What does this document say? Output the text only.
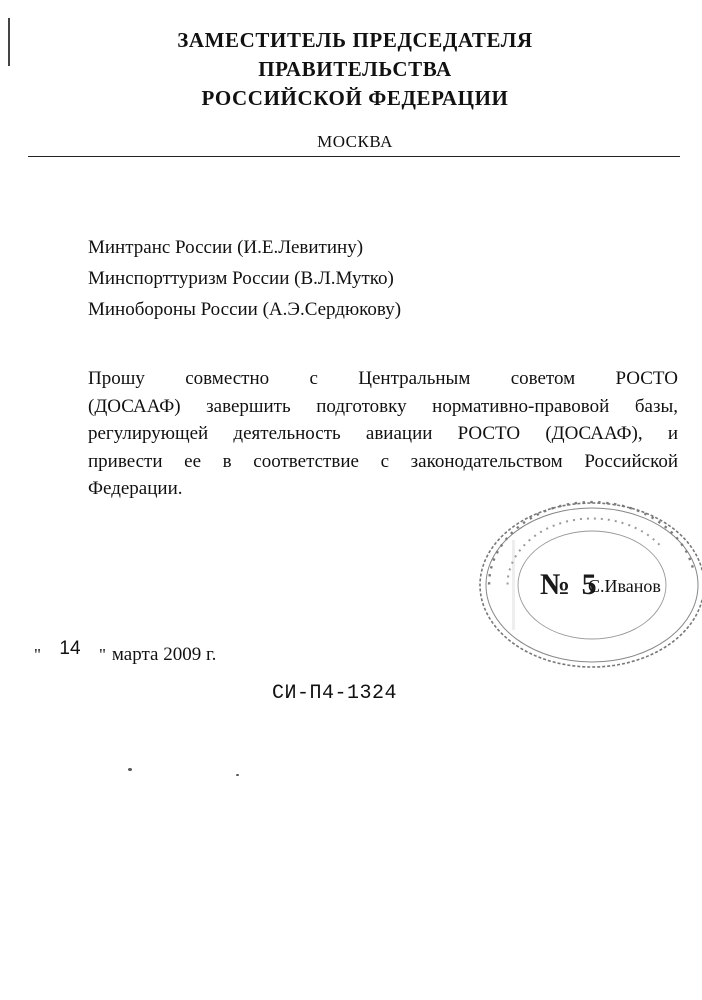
ЗАМЕСТИТЕЛЬ ПРЕДСЕДАТЕЛЯ
ПРАВИТЕЛЬСТВА
РОССИЙСКОЙ ФЕДЕРАЦИИ
МОСКВА
Минтранс России (И.Е.Левитину)
Минспорттуризм России (В.Л.Мутко)
Минобороны России (А.Э.Сердюкову)
Прошу совместно с Центральным советом РОСТО
(ДОСААФ) завершить подготовку нормативно-правовой базы,
регулирующей деятельность авиации РОСТО (ДОСААФ), и
привести ее в соответствие с законодательством Российской
Федерации.
▪ ▪ ▪ ▪ ▪ ▪ ▪ ▪ ▪ ▪ ▪ ▪ ▪ ▪ ▪ ▪ ▪ ▪ ▪ ▪ ▪ ▪ ▪ ▪ ▪ ▪ ▪ ▪ ▪ ▪ ▪ ▪ ▪ ▪ ▪
▪ ▪ ▪ ▪ ▪ ▪ ▪ ▪ ▪ ▪ ▪ ▪ ▪ ▪ ▪ ▪ ▪ ▪ ▪ ▪ ▪ ▪ ▪ ▪ ▪ ▪ ▪ ▪
№ 5
С.Иванов
" 14 " марта 2009 г.
СИ-П4-1324
